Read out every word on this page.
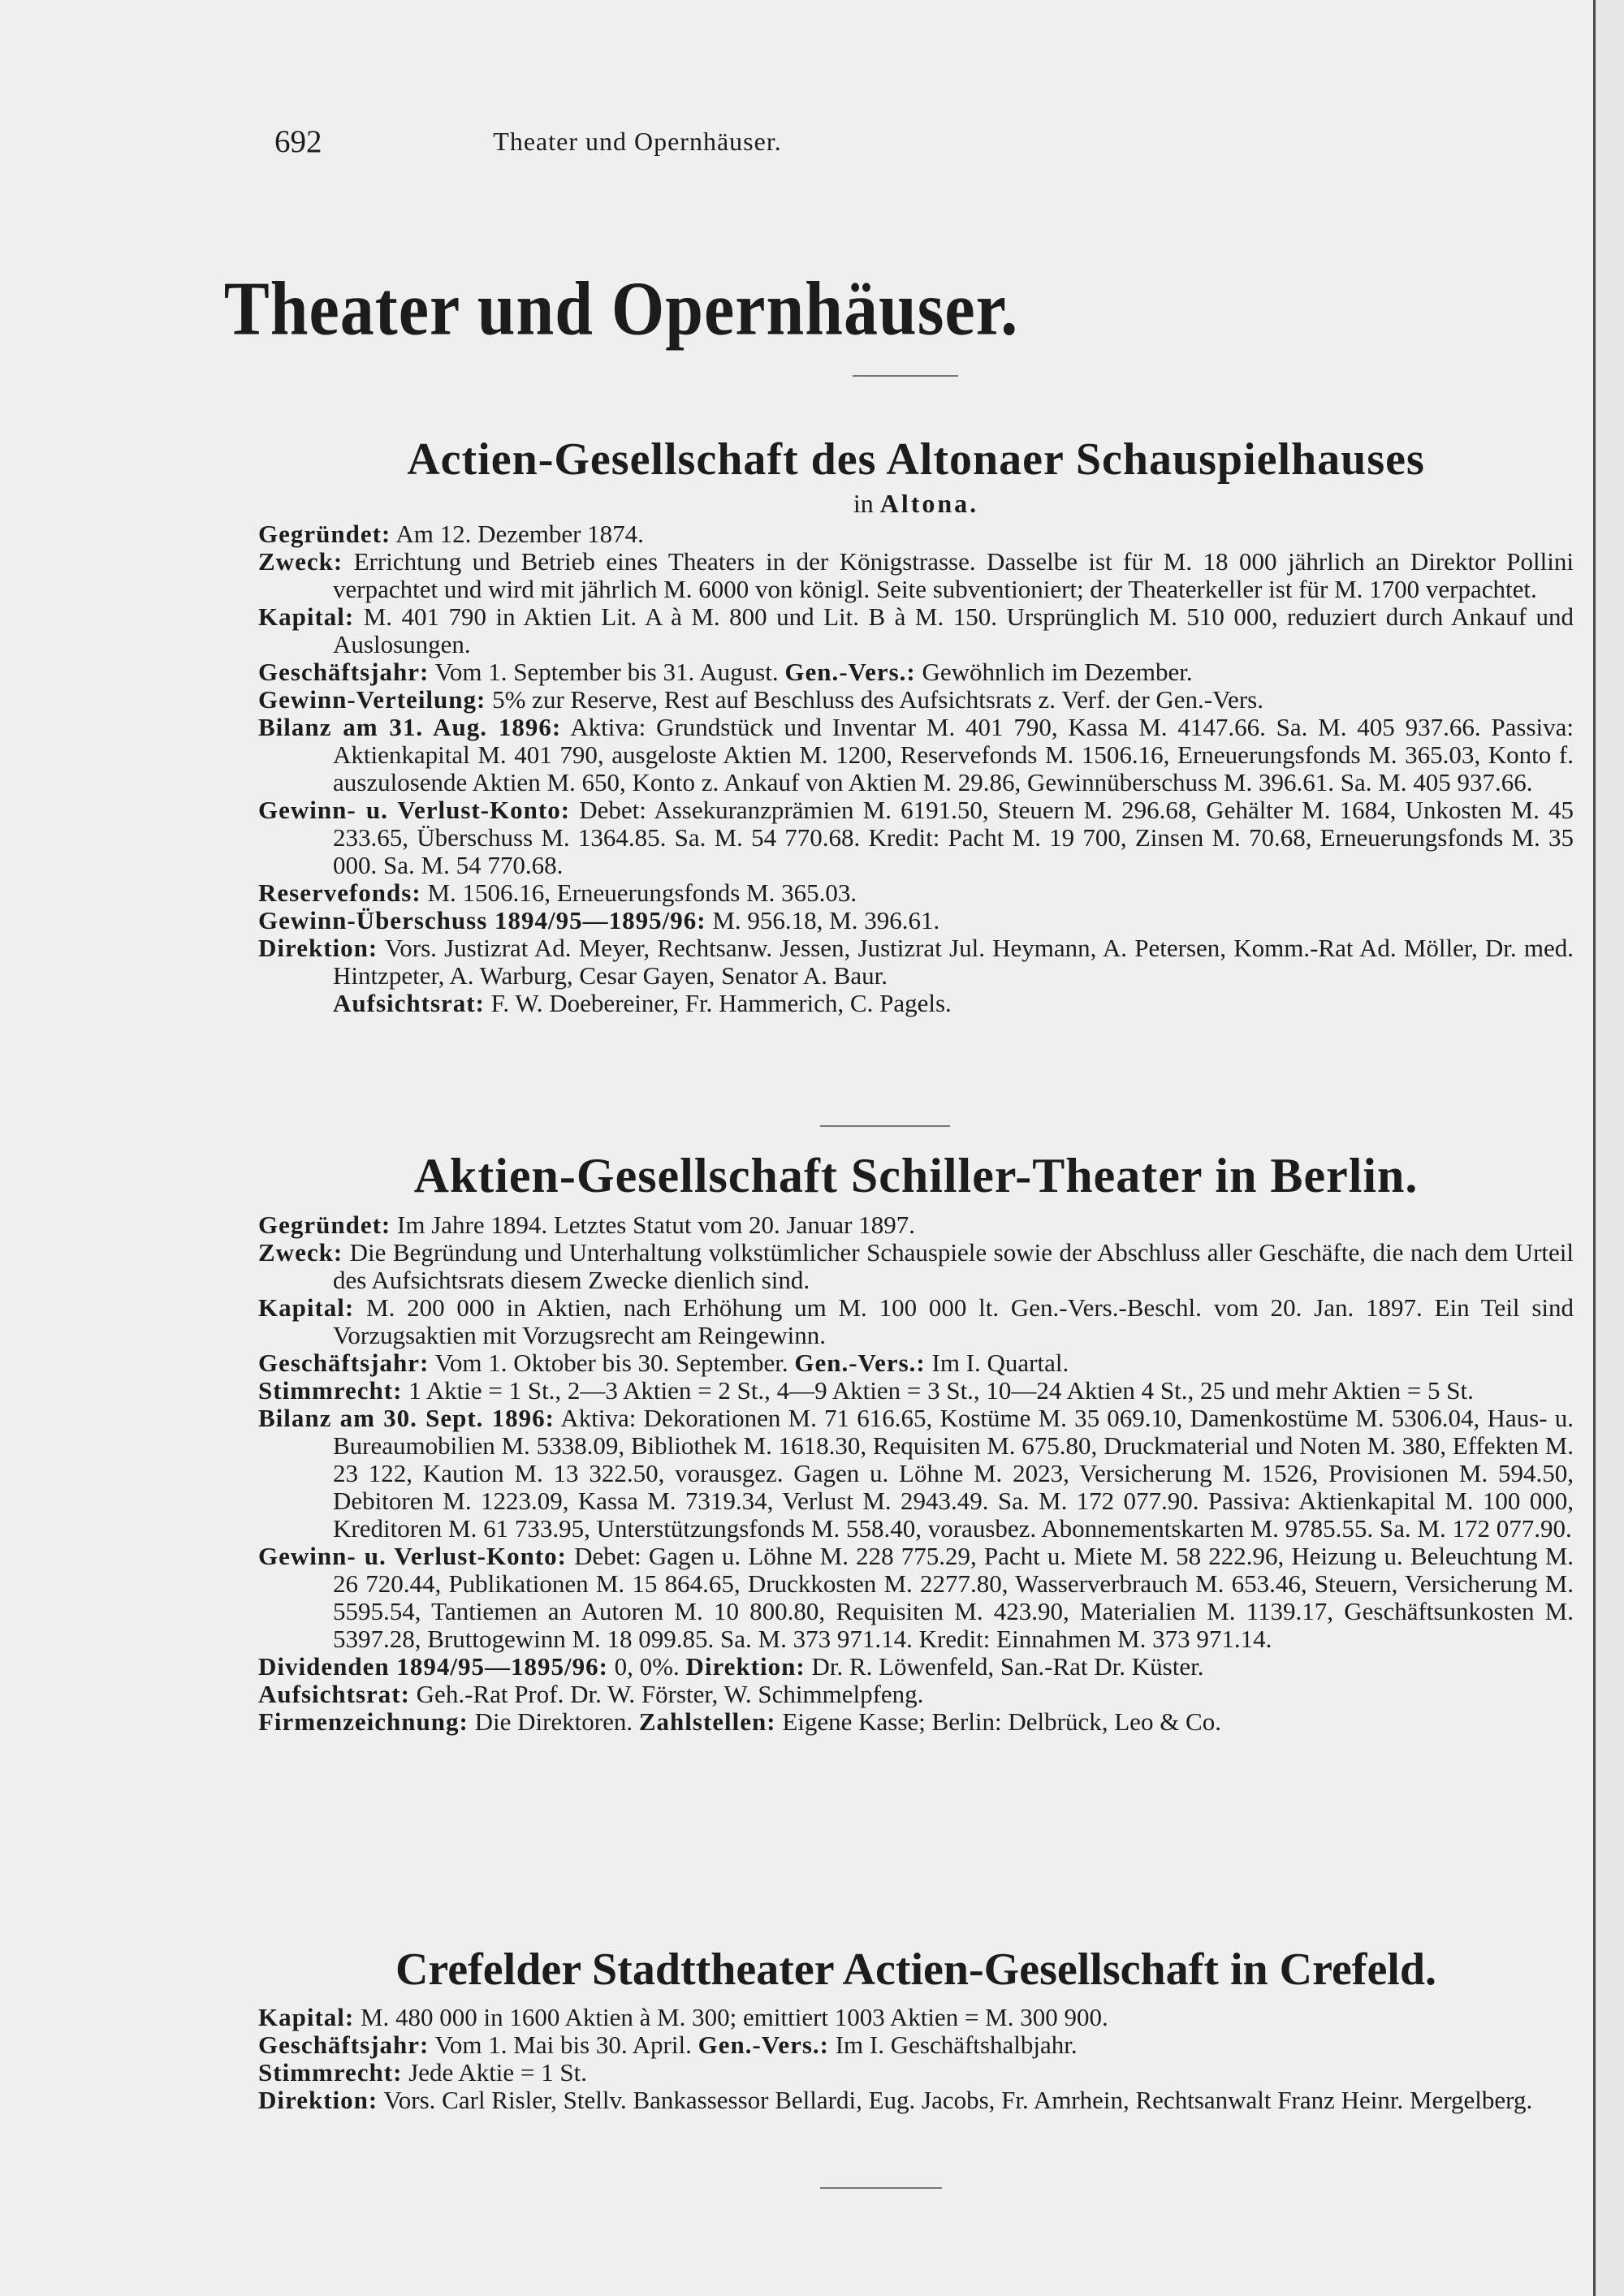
692	Theater und Opernhäuser.
Theater und Opernhäuser.
Actien-Gesellschaft des Altonaer Schauspielhauses
in Altona.

Gegründet: Am 12. Dezember 1874.

Zweck: Errichtung und Betrieb eines Theaters in der Königstrasse. Dasselbe ist für M. 18 000 jährlich an Direktor Pollini verpachtet und wird mit jährlich M. 6000 von königl. Seite subventioniert; der Theaterkeller ist für M. 1700 verpachtet.

Kapital: M. 401 790 in Aktien Lit. A à M. 800 und Lit. B à M. 150. Ursprünglich M. 510 000, reduziert durch Ankauf und Auslosungen.

Geschäftsjahr: Vom 1. September bis 31. August. Gen.-Vers.: Gewöhnlich im Dezember.

Gewinn-Verteilung: 5% zur Reserve, Rest auf Beschluss des Aufsichtsrats z. Verf. der Gen.-Vers.

Bilanz am 31. Aug. 1896: Aktiva: Grundstück und Inventar M. 401 790, Kassa M. 4147.66. Sa. M. 405 937.66. Passiva: Aktienkapital M. 401 790, ausgeloste Aktien M. 1200, Reservefonds M. 1506.16, Erneuerungsfonds M. 365.03, Konto f. auszulosende Aktien M. 650, Konto z. Ankauf von Aktien M. 29.86, Gewinnüberschuss M. 396.61. Sa. M. 405 937.66.

Gewinn- u. Verlust-Konto: Debet: Assekuranzprämien M. 6191.50, Steuern M. 296.68, Gehälter M. 1684, Unkosten M. 45 233.65, Überschuss M. 1364.85. Sa. M. 54 770.68. Kredit: Pacht M. 19 700, Zinsen M. 70.68, Erneuerungsfonds M. 35 000. Sa. M. 54 770.68.

Reservefonds: M. 1506.16, Erneuerungsfonds M. 365.03.

Gewinn-Überschuss 1894/95—1895/96: M. 956.18, M. 396.61.

Direktion: Vors. Justizrat Ad. Meyer, Rechtsanw. Jessen, Justizrat Jul. Heymann, A. Petersen, Komm.-Rat Ad. Möller, Dr. med. Hintzpeter, A. Warburg, Cesar Gayen, Senator A. Baur.

Aufsichtsrat: F. W. Doebereiner, Fr. Hammerich, C. Pagels.

Aktien-Gesellschaft Schiller-Theater in Berlin.

Gegründet: Im Jahre 1894. Letztes Statut vom 20. Januar 1897.

Zweck: Die Begründung und Unterhaltung volkstümlicher Schauspiele sowie der Abschluss aller Geschäfte, die nach dem Urteil des Aufsichtsrats diesem Zwecke dienlich sind.

Kapital: M. 200 000 in Aktien, nach Erhöhung um M. 100 000 lt. Gen.-Vers.-Beschl. vom 20. Jan. 1897. Ein Teil sind Vorzugsaktien mit Vorzugsrecht am Reingewinn.

Geschäftsjahr: Vom 1. Oktober bis 30. September. Gen.-Vers.: Im I. Quartal.

Stimmrecht: 1 Aktie = 1 St., 2—3 Aktien = 2 St., 4—9 Aktien = 3 St., 10—24 Aktien 4 St., 25 und mehr Aktien = 5 St.

Bilanz am 30. Sept. 1896: Aktiva: Dekorationen M. 71 616.65, Kostüme M. 35 069.10, Damenkostüme M. 5306.04, Haus- u. Bureaumobilien M. 5338.09, Bibliothek M. 1618.30, Requisiten M. 675.80, Druckmaterial und Noten M. 380, Effekten M. 23 122, Kaution M. 13 322.50, vorausgez. Gagen u. Löhne M. 2023, Versicherung M. 1526, Provisionen M. 594.50, Debitoren M. 1223.09, Kassa M. 7319.34, Verlust M. 2943.49. Sa. M. 172 077.90. Passiva: Aktienkapital M. 100 000, Kreditoren M. 61 733.95, Unterstützungsfonds M. 558.40, vorausbez. Abonnementskarten M. 9785.55. Sa. M. 172 077.90.

Gewinn- u. Verlust-Konto: Debet: Gagen u. Löhne M. 228 775.29, Pacht u. Miete M. 58 222.96, Heizung u. Beleuchtung M. 26 720.44, Publikationen M. 15 864.65, Druckkosten M. 2277.80, Wasserverbrauch M. 653.46, Steuern, Versicherung M. 5595.54, Tantiemen an Autoren M. 10 800.80, Requisiten M. 423.90, Materialien M. 1139.17, Geschäftsunkosten M. 5397.28, Bruttogewinn M. 18 099.85. Sa. M. 373 971.14. Kredit: Einnahmen M. 373 971.14.

Dividenden 1894/95—1895/96: 0, 0%. Direktion: Dr. R. Löwenfeld, San.-Rat Dr. Küster.

Aufsichtsrat: Geh.-Rat Prof. Dr. W. Förster, W. Schimmelpfeng.

Firmenzeichnung: Die Direktoren. Zahlstellen: Eigene Kasse; Berlin: Delbrück, Leo & Co.

Crefelder Stadttheater Actien-Gesellschaft in Crefeld.

Kapital: M. 480 000 in 1600 Aktien à M. 300; emittiert 1003 Aktien = M. 300 900.

Geschäftsjahr: Vom 1. Mai bis 30. April. Gen.-Vers.: Im I. Geschäftshalbjahr.

Stimmrecht: Jede Aktie = 1 St.

Direktion: Vors. Carl Risler, Stellv. Bankassessor Bellardi, Eug. Jacobs, Fr. Amrhein, Rechtsanwalt Franz Heinr. Mergelberg.
